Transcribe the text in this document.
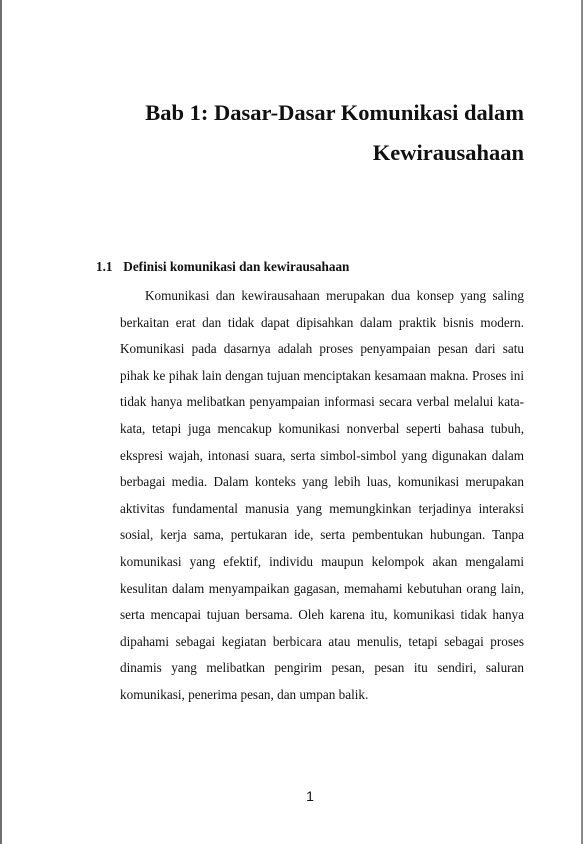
Bab 1: Dasar-Dasar Komunikasi dalam Kewirausahaan
1.1 Definisi komunikasi dan kewirausahaan

Komunikasi dan kewirausahaan merupakan dua konsep yang saling berkaitan erat dan tidak dapat dipisahkan dalam praktik bisnis modern. Komunikasi pada dasarnya adalah proses penyampaian pesan dari satu pihak ke pihak lain dengan tujuan menciptakan kesamaan makna. Proses ini tidak hanya melibatkan penyampaian informasi secara verbal melalui kata-kata, tetapi juga mencakup komunikasi nonverbal seperti bahasa tubuh, ekspresi wajah, intonasi suara, serta simbol-simbol yang digunakan dalam berbagai media. Dalam konteks yang lebih luas, komunikasi merupakan aktivitas fundamental manusia yang memungkinkan terjadinya interaksi sosial, kerja sama, pertukaran ide, serta pembentukan hubungan. Tanpa komunikasi yang efektif, individu maupun kelompok akan mengalami kesulitan dalam menyampaikan gagasan, memahami kebutuhan orang lain, serta mencapai tujuan bersama. Oleh karena itu, komunikasi tidak hanya dipahami sebagai kegiatan berbicara atau menulis, tetapi sebagai proses dinamis yang melibatkan pengirim pesan, pesan itu sendiri, saluran komunikasi, penerima pesan, dan umpan balik.

1
